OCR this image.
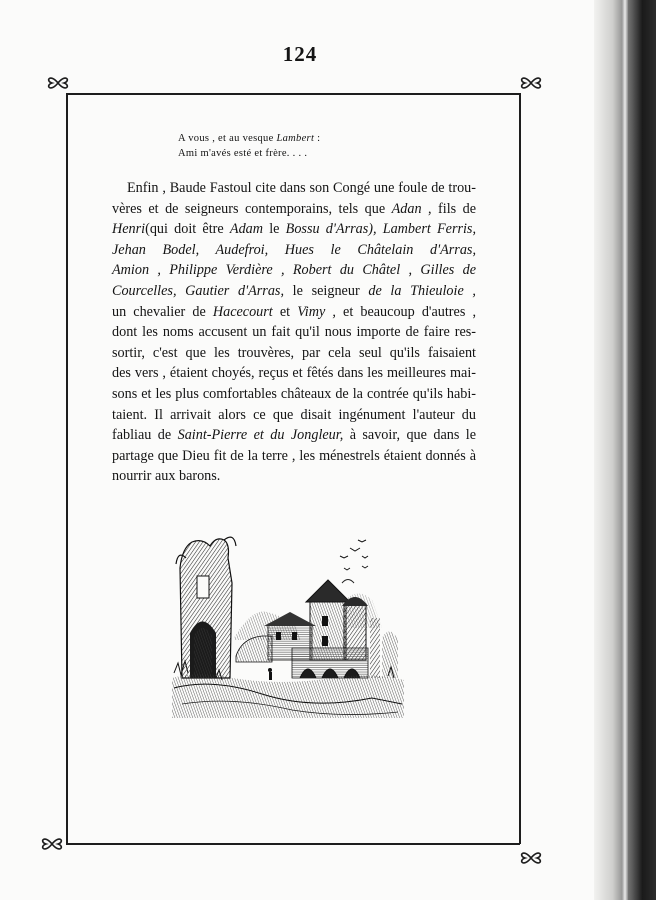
124
A vous , et au vesque Lambert :
Ami m'avés esté et frère. . . .
Enfin , Baude Fastoul cite dans son Congé une foule de trou-
vères et de seigneurs contemporains, tels que Adan , fils de
Henri(qui doit être Adam le Bossu d'Arras), Lambert Ferris,
Jehan Bodel, Audefroi, Hues le Châtelain d'Arras,
Amion , Philippe Verdière , Robert du Châtel , Gilles de
Courcelles, Gautier d'Arras, le seigneur de la Thieuloie ,
un chevalier de Hacecourt et Vimy , et beaucoup d'autres ,
dont les noms accusent un fait qu'il nous importe de faire res-
sortir, c'est que les trouvères, par cela seul qu'ils faisaient
des vers , étaient choyés, reçus et fêtés dans les meilleures mai-
sons et les plus comfortables châteaux de la contrée qu'ils habi-
taient. Il arrivait alors ce que disait ingénument l'auteur du
fabliau de Saint-Pierre et du Jongleur, à savoir, que dans le
partage que Dieu fit de la terre , les ménestrels étaient donnés à
nourrir aux barons.
